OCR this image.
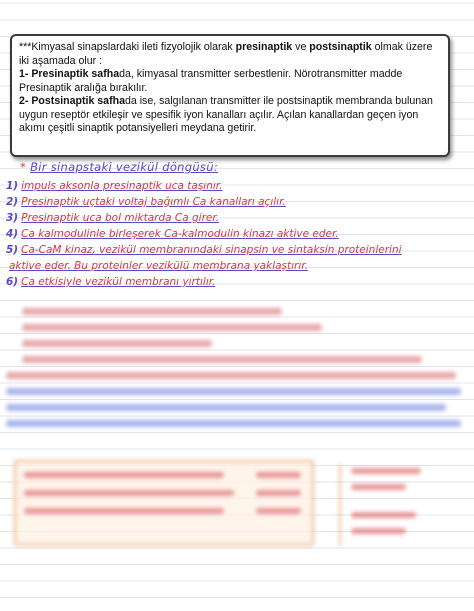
***Kimyasal sinapslardaki ileti fizyolojik olarak presinaptik ve postsinaptik olmak üzere iki aşamada olur :
1- Presinaptik safhada, kimyasal transmitter serbestlenir. Nörotransmitter madde Presinaptik aralığa bırakılır.
2- Postsinaptik safhada ise, salgılanan transmitter ile postsinaptik membranda bulunan uygun reseptör etkileşir ve spesifik iyon kanalları açılır. Açılan kanallardan geçen iyon akımı çeşitli sinaptik potansiyelleri meydana getirir.
* Bir sinapstaki vezikül döngüsü:
1) impuls aksonla presinaptik uca taşınır.
2) Presinaptik uçtaki voltaj bağımlı Ca kanalları açılır.
3) Presinaptik uca bol miktarda Ca girer.
4) Ca kalmodulinle birleşerek Ca-kalmodulin kinazı aktive eder.
5) Ca-CaM kinaz, vezikül membranındaki sinapsin ve sintaksin proteinlerini
aktive eder. Bu proteinler vezikülü membrana yaklaştırır.
6) Ca etkisiyle vezikül membranı yırtılır.
